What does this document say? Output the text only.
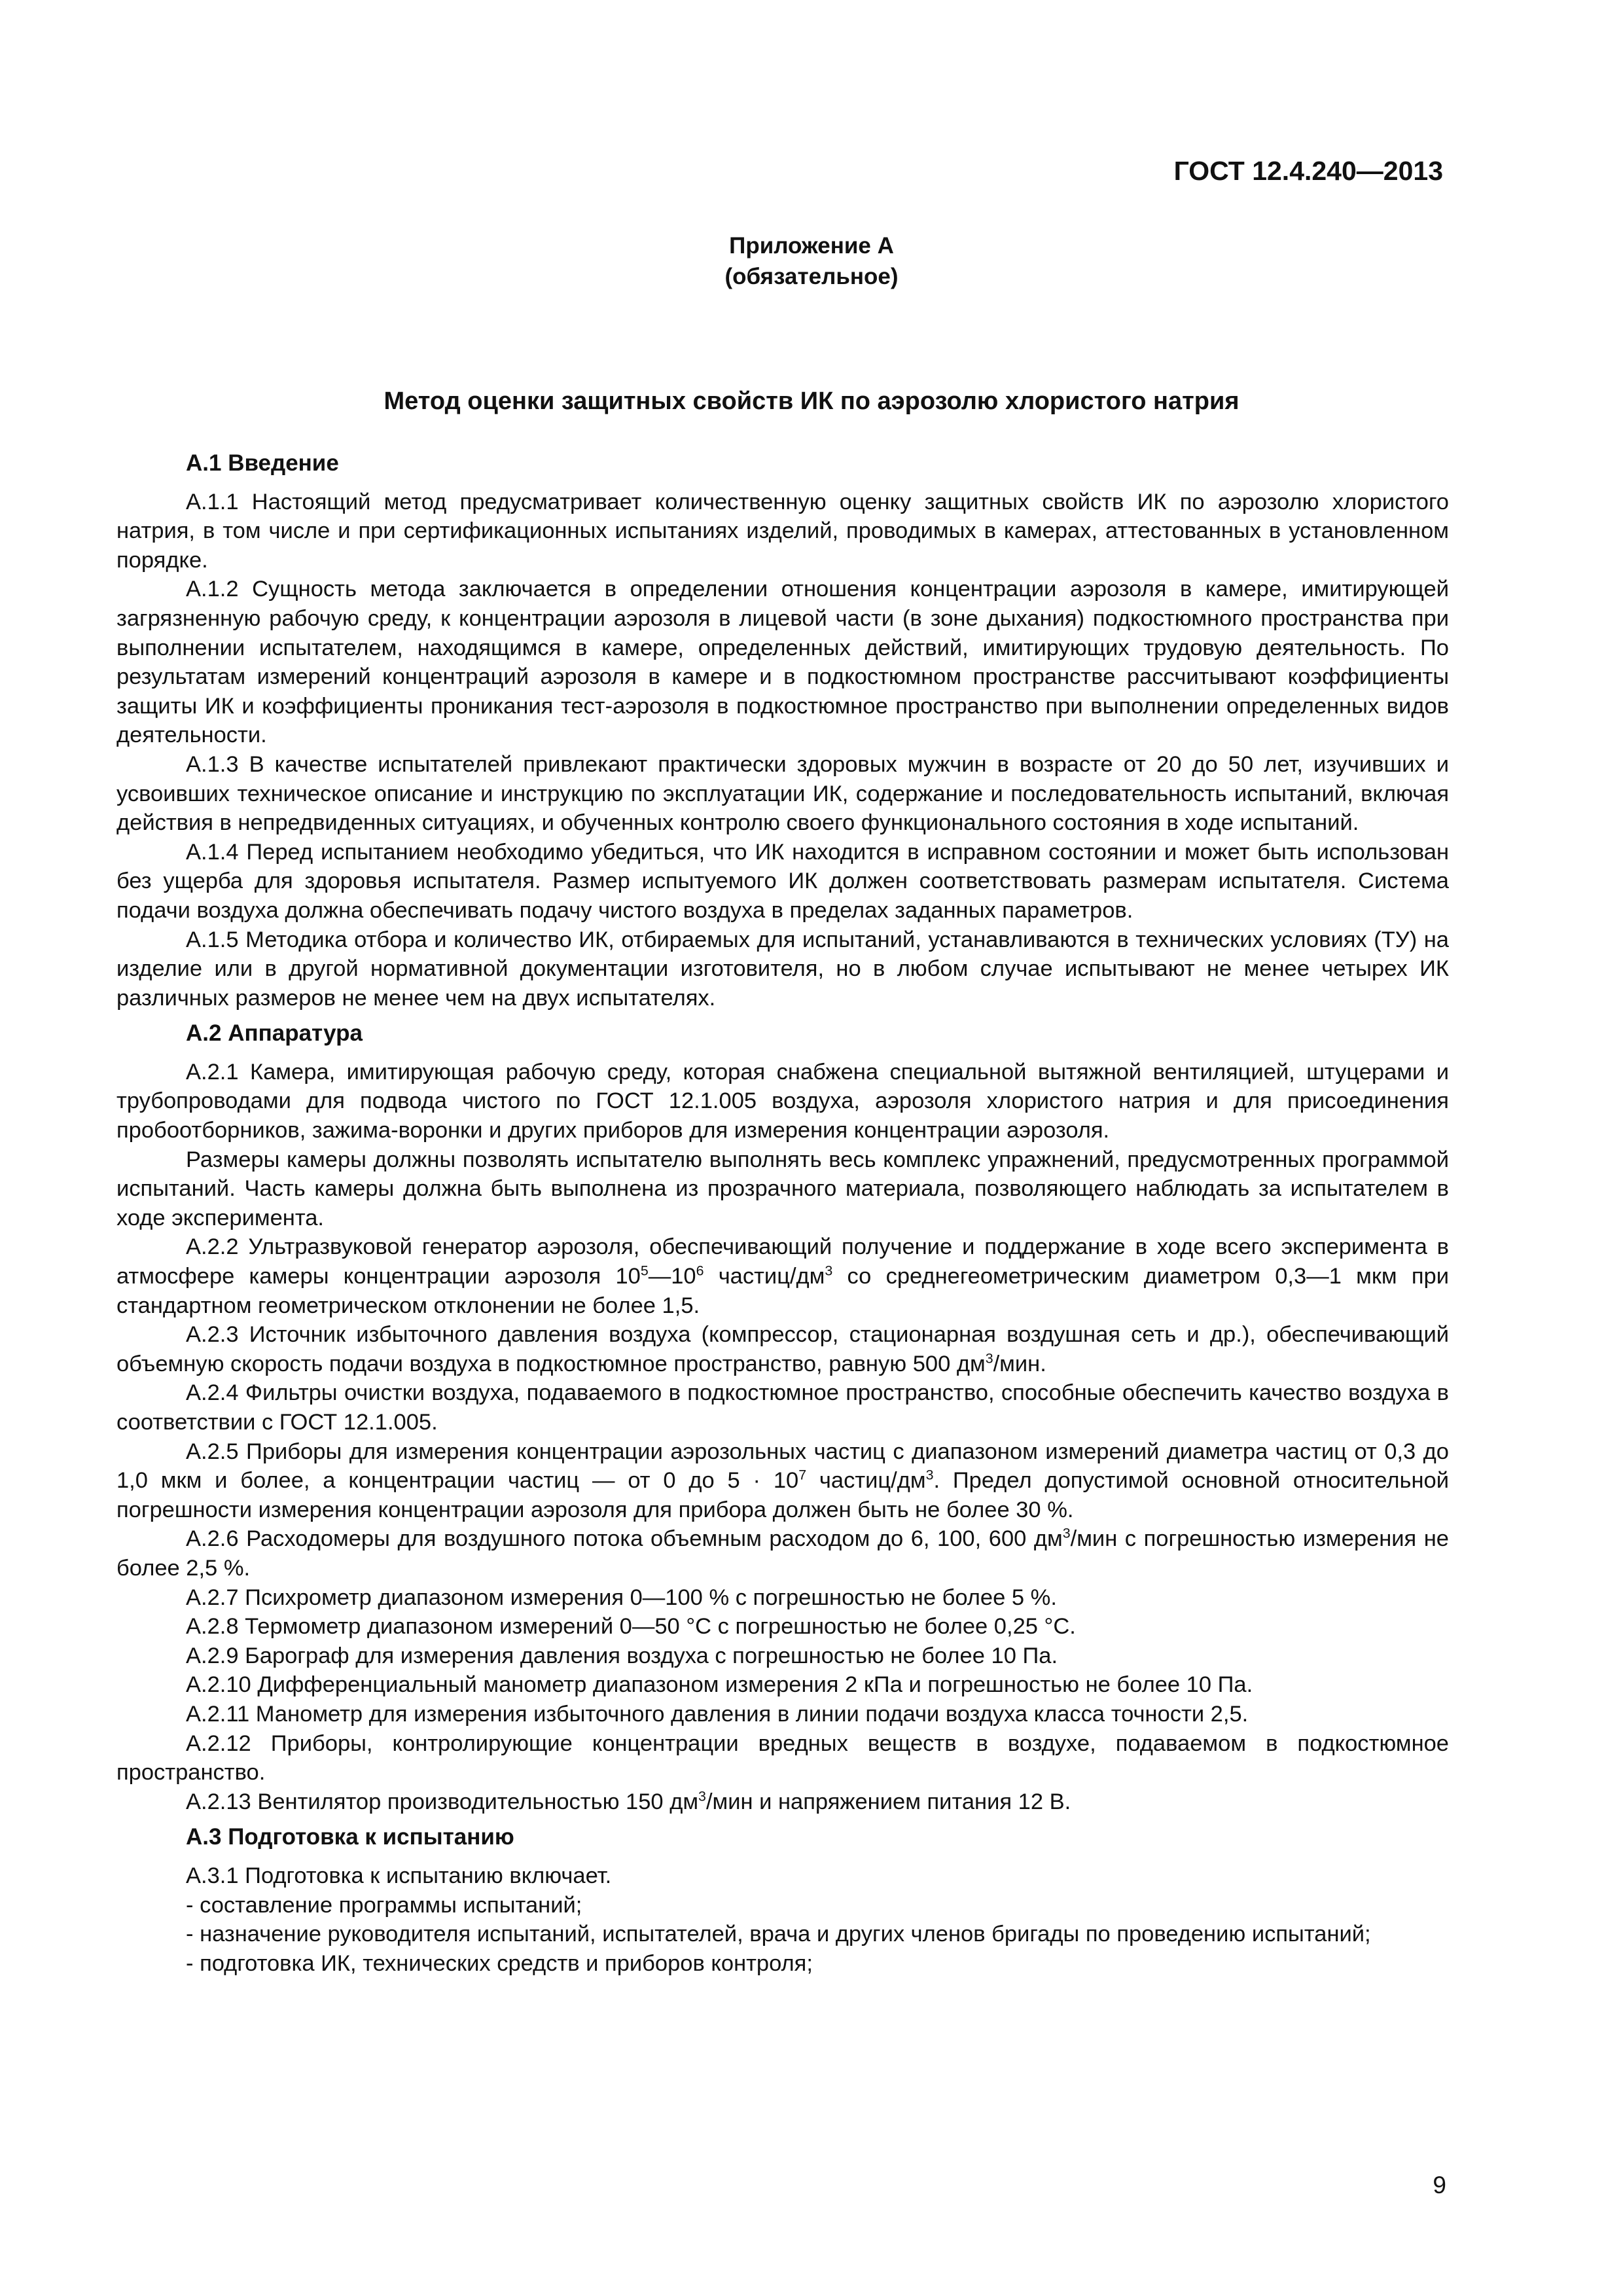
ГОСТ 12.4.240—2013
Приложение А
(обязательное)
Метод оценки защитных свойств ИК по аэрозолю хлористого натрия
А.1 Введение

А.1.1 Настоящий метод предусматривает количественную оценку защитных свойств ИК по аэрозолю хлористого натрия, в том числе и при сертификационных испытаниях изделий, проводимых в камерах, аттестованных в установленном порядке.

А.1.2 Сущность метода заключается в определении отношения концентрации аэрозоля в камере, имитирующей загрязненную рабочую среду, к концентрации аэрозоля в лицевой части (в зоне дыхания) подкостюмного пространства при выполнении испытателем, находящимся в камере, определенных действий, имитирующих трудовую деятельность. По результатам измерений концентраций аэрозоля в камере и в подкостюмном пространстве рассчитывают коэффициенты защиты ИК и коэффициенты проникания тест-аэрозоля в подкостюмное пространство при выполнении определенных видов деятельности.

А.1.3 В качестве испытателей привлекают практически здоровых мужчин в возрасте от 20 до 50 лет, изучивших и усвоивших техническое описание и инструкцию по эксплуатации ИК, содержание и последовательность испытаний, включая действия в непредвиденных ситуациях, и обученных контролю своего функционального состояния в ходе испытаний.

А.1.4 Перед испытанием необходимо убедиться, что ИК находится в исправном состоянии и может быть использован без ущерба для здоровья испытателя. Размер испытуемого ИК должен соответствовать размерам испытателя. Система подачи воздуха должна обеспечивать подачу чистого воздуха в пределах заданных параметров.

А.1.5 Методика отбора и количество ИК, отбираемых для испытаний, устанавливаются в технических условиях (ТУ) на изделие или в другой нормативной документации изготовителя, но в любом случае испытывают не менее четырех ИК различных размеров не менее чем на двух испытателях.

А.2 Аппаратура

А.2.1 Камера, имитирующая рабочую среду, которая снабжена специальной вытяжной вентиляцией, штуцерами и трубопроводами для подвода чистого по ГОСТ 12.1.005 воздуха, аэрозоля хлористого натрия и для присоединения пробоотборников, зажима-воронки и других приборов для измерения концентрации аэрозоля.

Размеры камеры должны позволять испытателю выполнять весь комплекс упражнений, предусмотренных программой испытаний. Часть камеры должна быть выполнена из прозрачного материала, позволяющего наблюдать за испытателем в ходе эксперимента.

А.2.2 Ультразвуковой генератор аэрозоля, обеспечивающий получение и поддержание в ходе всего эксперимента в атмосфере камеры концентрации аэрозоля $10^5—10^6$ частиц/$дм^3$ со среднегеометрическим диаметром 0,3—1 мкм при стандартном геометрическом отклонении не более 1,5.

А.2.3 Источник избыточного давления воздуха (компрессор, стационарная воздушная сеть и др.), обеспечивающий объемную скорость подачи воздуха в подкостюмное пространство, равную 500 $дм^3$/мин.

А.2.4 Фильтры очистки воздуха, подаваемого в подкостюмное пространство, способные обеспечить качество воздуха в соответствии с ГОСТ 12.1.005.

А.2.5 Приборы для измерения концентрации аэрозольных частиц с диапазоном измерений диаметра частиц от 0,3 до 1,0 мкм и более, а концентрации частиц — от 0 до $5 \cdot 10^7$ частиц/$дм^3$. Предел допустимой основной относительной погрешности измерения концентрации аэрозоля для прибора должен быть не более 30 %.

А.2.6 Расходомеры для воздушного потока объемным расходом до 6, 100, 600 $дм^3$/мин с погрешностью измерения не более 2,5 %.

А.2.7 Психрометр диапазоном измерения 0—100 % с погрешностью не более 5 %.

А.2.8 Термометр диапазоном измерений 0—50 °С с погрешностью не более 0,25 °С.

А.2.9 Барограф для измерения давления воздуха с погрешностью не более 10 Па.

А.2.10 Дифференциальный манометр диапазоном измерения 2 кПа и погрешностью не более 10 Па.

А.2.11 Манометр для измерения избыточного давления в линии подачи воздуха класса точности 2,5.

А.2.12 Приборы, контролирующие концентрации вредных веществ в воздухе, подаваемом в подкостюмное пространство.

А.2.13 Вентилятор производительностью 150 $дм^3$/мин и напряжением питания 12 В.

А.3 Подготовка к испытанию

А.3.1 Подготовка к испытанию включает.

- составление программы испытаний;

- назначение руководителя испытаний, испытателей, врача и других членов бригады по проведению испытаний;

- подготовка ИК, технических средств и приборов контроля;

9
